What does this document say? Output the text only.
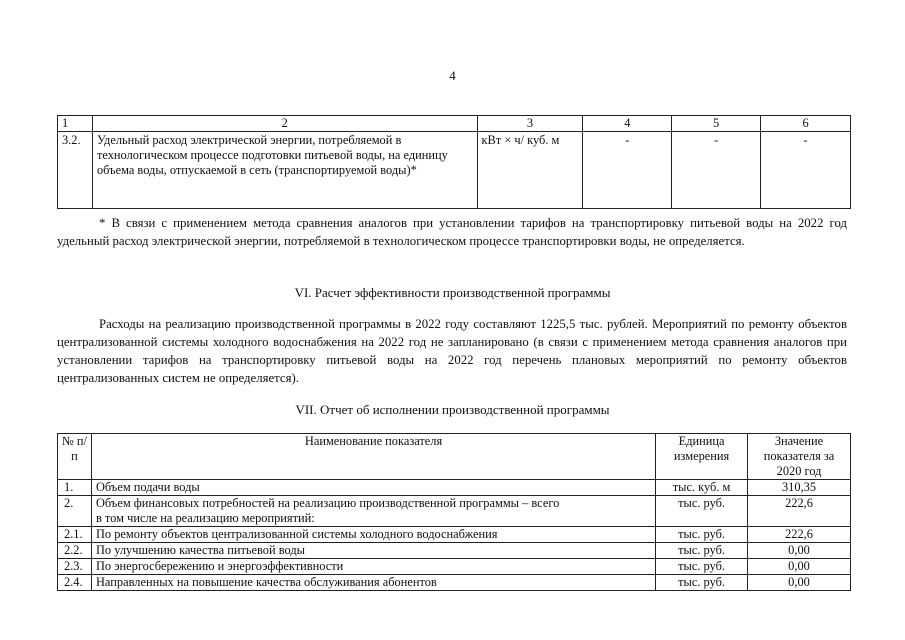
4
1	2	3	4	5	6
3.2.	Удельный расход электрической энергии, потребляемой в технологическом процессе подготовки питьевой воды, на единицу объема воды, отпускаемой в сеть (транспортируемой воды)*	кВт × ч/ куб. м	-	-	-

* В связи с применением метода сравнения аналогов при установлении тарифов на транспортировку питьевой воды на 2022 год удельный расход электрической энергии, потребляемой в технологическом процессе транспортировки воды, не определяется.

VI. Расчет эффективности производственной программы

Расходы на реализацию производственной программы в 2022 году составляют 1225,5 тыс. рублей. Мероприятий по ремонту объектов централизованной системы холодного водоснабжения на 2022 год не запланировано (в связи с применением метода сравнения аналогов при установлении тарифов на транспортировку питьевой воды на 2022 год перечень плановых мероприятий по ремонту объектов централизованных систем не определяется).

VII. Отчет об исполнении производственной программы

№ п/п	Наименование показателя	Единица измерения	Значение показателя за 2020 год
1.	Объем подачи воды	тыс. куб. м	310,35
2.	Объем финансовых потребностей на реализацию производственной программы – всего
в том числе на реализацию мероприятий:	тыс. руб.	222,6
2.1.	По ремонту объектов централизованной системы холодного водоснабжения	тыс. руб.	222,6
2.2.	По улучшению качества питьевой воды	тыс. руб.	0,00
2.3.	По энергосбережению и энергоэффективности	тыс. руб.	0,00
2.4.	Направленных на повышение качества обслуживания абонентов	тыс. руб.	0,00
